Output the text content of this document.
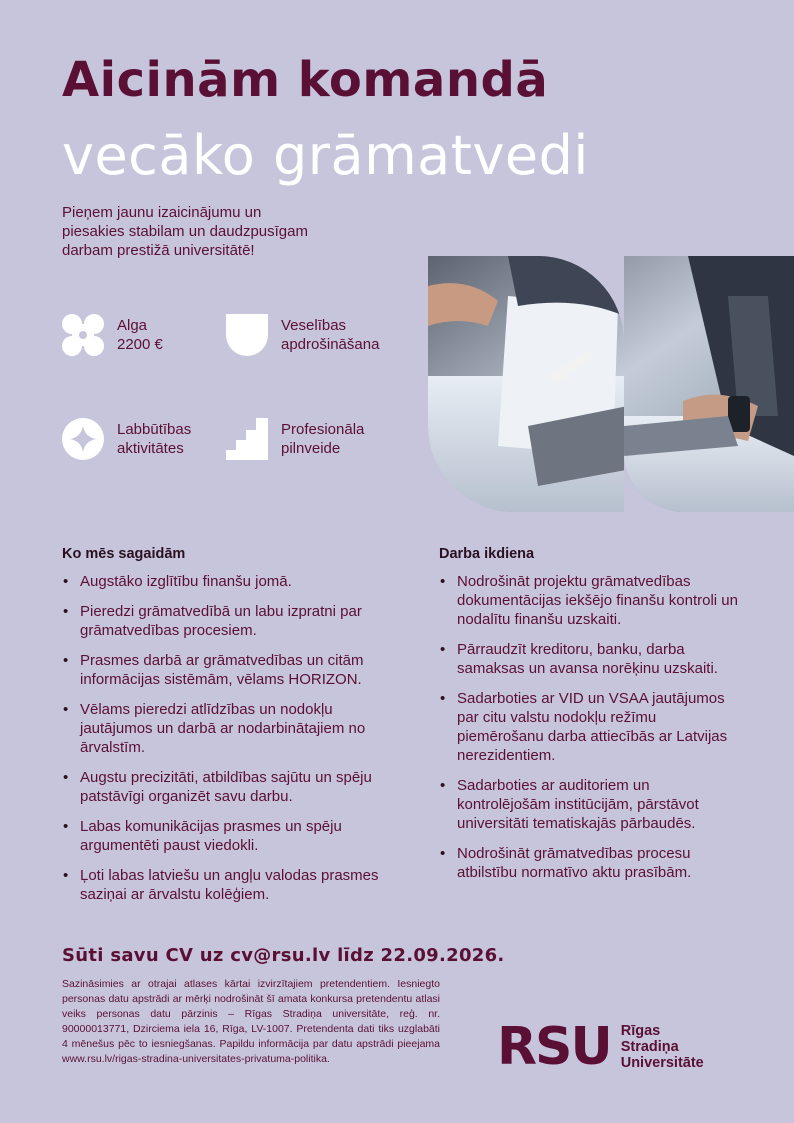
Aicinām komandā
vecāko grāmatvedi
Pieņem jaunu izaicinājumu un
piesakies stabilam un daudzpusīgam
darbam prestižā universitātē!
Alga
2200 €
Veselības
apdrošināšana
Labbūtības
aktivitātes
Profesionāla
pilnveide
Ko mēs sagaidām
• Augstāko izglītību finanšu jomā.
• Pieredzi grāmatvedībā un labu izpratni par grāmatvedības procesiem.
• Prasmes darbā ar grāmatvedības un citām informācijas sistēmām, vēlams HORIZON.
• Vēlams pieredzi atlīdzības un nodokļu jautājumos un darbā ar nodarbinātajiem no ārvalstīm.
• Augstu precizitāti, atbildības sajūtu un spēju patstāvīgi organizēt savu darbu.
• Labas komunikācijas prasmes un spēju argumentēti paust viedokli.
• Ļoti labas latviešu un angļu valodas prasmes saziņai ar ārvalstu kolēģiem.
Darba ikdiena
• Nodrošināt projektu grāmatvedības dokumentācijas iekšējo finanšu kontroli un nodalītu finanšu uzskaiti.
• Pārraudzīt kreditoru, banku, darba samaksas un avansa norēķinu uzskaiti.
• Sadarboties ar VID un VSAA jautājumos par citu valstu nodokļu režīmu piemērošanu darba attiecībās ar Latvijas nerezidentiem.
• Sadarboties ar auditoriem un kontrolējošām institūcijām, pārstāvot universitāti tematiskajās pārbaudēs.
• Nodrošināt grāmatvedības procesu atbilstību normatīvo aktu prasībām.

Sūti savu CV uz cv@rsu.lv līdz 22.09.2026.

Sazināsimies ar otrajai atlases kārtai izvirzītajiem pretendentiem. Iesniegto personas datu apstrādi ar mērķi nodrošināt šī amata konkursa pretendentu atlasi veiks personas datu pārzinis – Rīgas Stradiņa universitāte, reģ. nr. 90000013771, Dzirciema iela 16, Rīga, LV-1007. Pretendenta dati tiks uzglabāti 4 mēnešus pēc to iesniegšanas. Papildu informācija par datu apstrādi pieejama www.rsu.lv/rigas-stradina-universitates-privatuma-politika.	RSU Rīgas
Stradiņa
Universitāte
